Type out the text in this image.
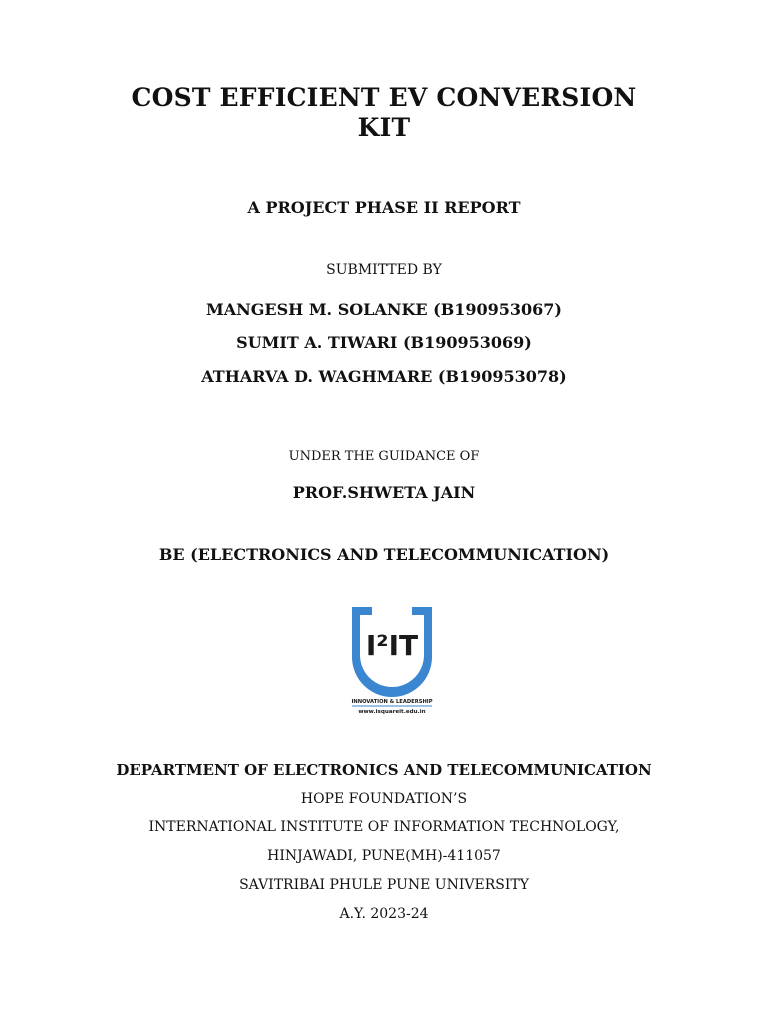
COST EFFICIENT EV CONVERSION
KIT
A PROJECT PHASE II REPORT
SUBMITTED BY
MANGESH M. SOLANKE (B190953067)
SUMIT A. TIWARI (B190953069)
ATHARVA D. WAGHMARE (B190953078)
UNDER THE GUIDANCE OF
PROF.SHWETA JAIN
BE (ELECTRONICS AND TELECOMMUNICATION)
I²IT
INNOVATION & LEADERSHIP
www.isquareit.edu.in
DEPARTMENT OF ELECTRONICS AND TELECOMMUNICATION
HOPE FOUNDATION’S
INTERNATIONAL INSTITUTE OF INFORMATION TECHNOLOGY,
HINJAWADI, PUNE(MH)-411057
SAVITRIBAI PHULE PUNE UNIVERSITY
A.Y. 2023-24
